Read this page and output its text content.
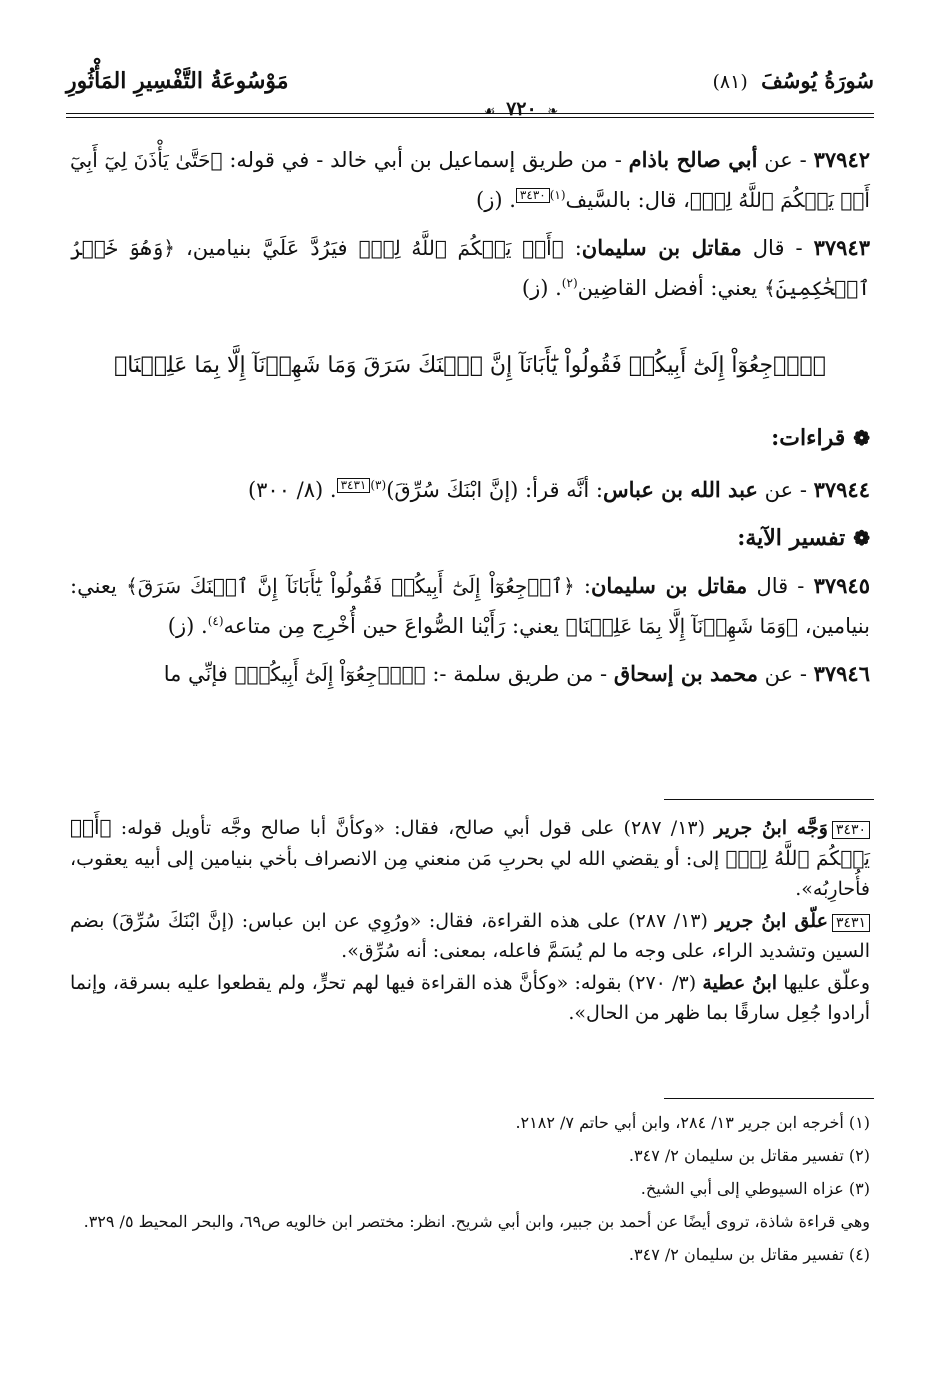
سُورَةُ يُوسُفَ (٨١)
❧ ٧٢٠ ☙
مَوْسُوعَةُ التَّفْسِيرِ المَأْثُورِ

٣٧٩٤٢ - عن أبي صالح باذام - من طريق إسماعيل بن أبي خالد - في قوله: ﴿حَتَّىٰ يَأْذَنَ لِيٓ أَبِيٓ أَوۡ يَحۡكُمَ ٱللَّهُ لِيۖ﴾، قال: بالسَّيف$^{(١)}$٣٤٣٠. (ز)

٣٧٩٤٣ - قال مقاتل بن سليمان: ﴿أَوۡ يَحۡكُمَ ٱللَّهُ لِيۖ﴾ فيَرُدَّ عَلَيَّ بنيامين، ﴿وَهُوَ خَيۡرُ ٱلۡحَٰكِمِينَ﴾ يعني: أفضل القاضِين$^{(٢)}$. (ز)

﴿ٱرۡجِعُوٓاْ إِلَىٰٓ أَبِيكُمۡ فَقُولُواْ يَٰٓأَبَانَآ إِنَّ ٱبۡنَكَ سَرَقَ وَمَا شَهِدۡنَآ إِلَّا بِمَا عَلِمۡنَا﴾

❁قراءات:

٣٧٩٤٤ - عن عبد الله بن عباس: أنَّه قرأ: (إنَّ ابْنَكَ سُرِّقَ)$^{(٣)}$٣٤٣١. (٨/ ٣٠٠)

❁تفسير الآية:

٣٧٩٤٥ - قال مقاتل بن سليمان: ﴿ٱرۡجِعُوٓاْ إِلَىٰٓ أَبِيكُمۡ فَقُولُواْ يَٰٓأَبَانَآ إِنَّ ٱبۡنَكَ سَرَقَ﴾ يعني: بنيامين، ﴿وَمَا شَهِدۡنَآ إِلَّا بِمَا عَلِمۡنَا﴾ يعني: رَأَيْنا الصُّواعَ حين أُخْرِج مِن متاعه$^{(٤)}$. (ز)

٣٧٩٤٦ - عن محمد بن إسحاق - من طريق سلمة -: ﴿ٱرۡجِعُوٓاْ إِلَىٰٓ أَبِيكُمۡ﴾ فإنِّي ما

٣٤٣٠وَجَّه ابنُ جرير (١٣/ ٢٨٧) على قول أبي صالح، فقال: «وكأنَّ أبا صالح وجَّه تأويل قوله: ﴿أَوۡ يَحۡكُمَ ٱللَّهُ لِيۖ﴾ إلى: أو يقضي الله لي بحربِ مَن منعني مِن الانصراف بأخي بنيامين إلى أبيه يعقوب، فأُحارِبُه».

٣٤٣١علّق ابنُ جرير (١٣/ ٢٨٧) على هذه القراءة، فقال: «ورُوِي عن ابن عباس: (إنَّ ابْنَكَ سُرِّقَ) بضم السين وتشديد الراء، على وجه ما لم يُسَمَّ فاعله، بمعنى: أنه سُرِّق».

وعلّق عليها ابنُ عطية (٣/ ٢٧٠) بقوله: «وكأنَّ هذه القراءة فيها لهم تحرٍّ، ولم يقطعوا عليه بسرقة، وإنما أرادوا جُعِل سارقًا بما ظهر من الحال».

(١) أخرجه ابن جرير ١٣/ ٢٨٤، وابن أبي حاتم ٧/ ٢١٨٢.

(٢) تفسير مقاتل بن سليمان ٢/ ٣٤٧.

(٣) عزاه السيوطي إلى أبي الشيخ.

وهي قراءة شاذة، تروى أيضًا عن أحمد بن جبير، وابن أبي شريح. انظر: مختصر ابن خالويه ص٦٩، والبحر المحيط ٥/ ٣٢٩.

(٤) تفسير مقاتل بن سليمان ٢/ ٣٤٧.
